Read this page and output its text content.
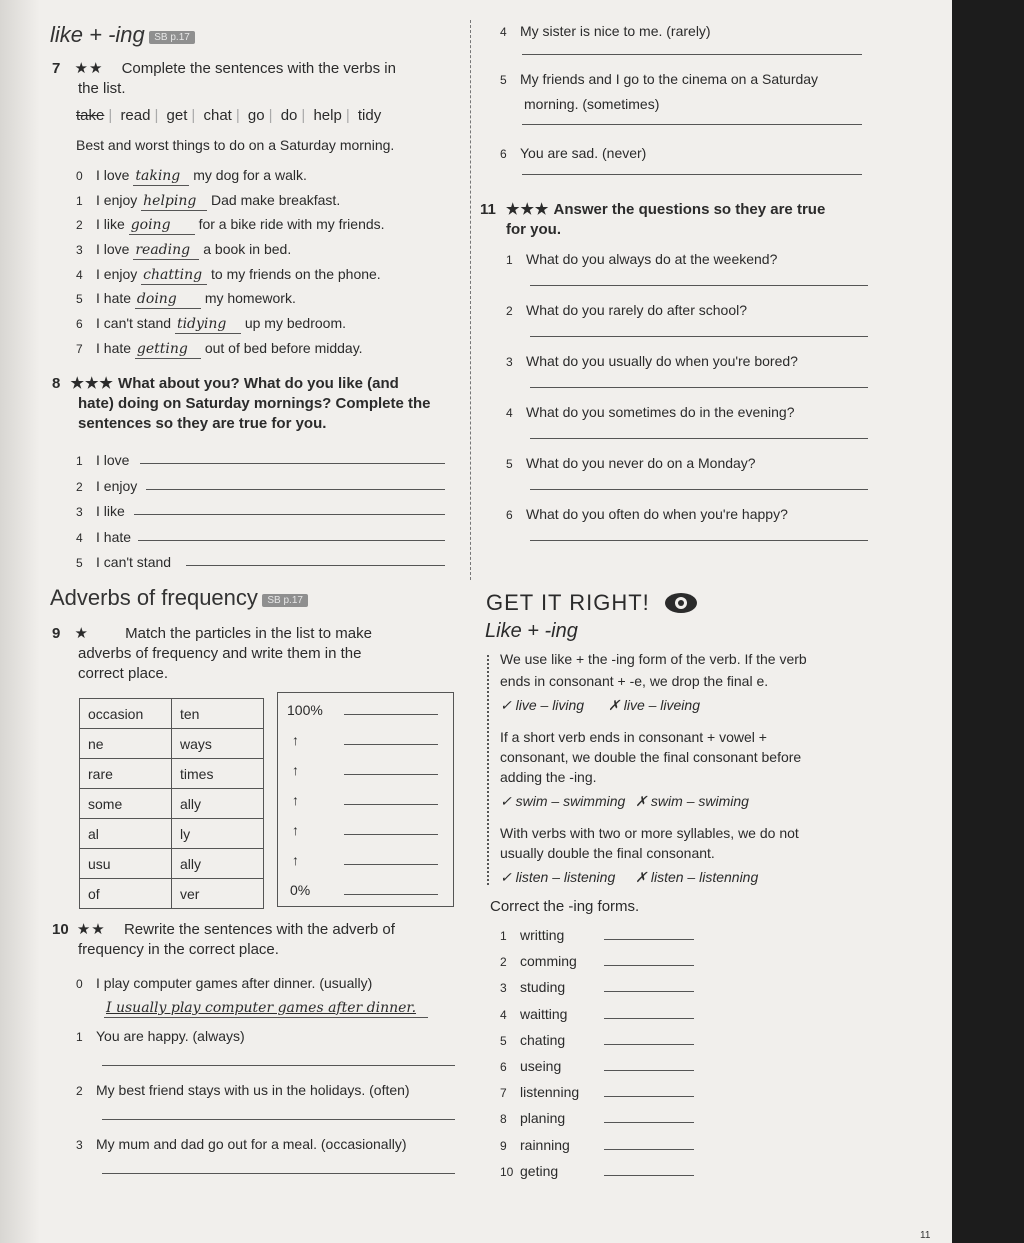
like + -ing SB p.17
7 ★★ Complete the sentences with the verbs in
the list.
take | read | get | chat | go | do | help | tidy
Best and worst things to do on a Saturday morning.
0 I love taking my dog for a walk.
1 I enjoy helping Dad make breakfast.
2 I like going for a bike ride with my friends.
3 I love reading a book in bed.
4 I enjoy chatting to my friends on the phone.
5 I hate doing my homework.
6 I can't stand tidying up my bedroom.
7 I hate getting out of bed before midday.
8 ★★★ What about you? What do you like (and
hate) doing on Saturday mornings? Complete the
sentences so they are true for you.
1 I love
2 I enjoy
3 I like
4 I hate
5 I can't stand
Adverbs of frequency SB p.17
9 ★ Match the particles in the list to make
adverbs of frequency and write them in the
correct place.
occasion	ten
ne	ways
rare	times
some	ally
al	ly
usu	ally
of	ver
100%
↑
↑
↑
↑
↑
0%
10 ★★ Rewrite the sentences with the adverb of
frequency in the correct place.
0 I play computer games after dinner. (usually)
I usually play computer games after dinner.
1 You are happy. (always)
2 My best friend stays with us in the holidays. (often)
3 My mum and dad go out for a meal. (occasionally)
4 My sister is nice to me. (rarely)
5 My friends and I go to the cinema on a Saturday
morning. (sometimes)
6 You are sad. (never)
11 ★★★ Answer the questions so they are true
for you.
1 What do you always do at the weekend?
2 What do you rarely do after school?
3 What do you usually do when you're bored?
4 What do you sometimes do in the evening?
5 What do you never do on a Monday?
6 What do you often do when you're happy?
GET IT RIGHT!
Like + -ing
We use like + the -ing form of the verb. If the verb
ends in consonant + -e, we drop the final e.
✓ live – living ✗ live – liveing
If a short verb ends in consonant + vowel +
consonant, we double the final consonant before
adding the -ing.
✓ swim – swimming ✗ swim – swiming
With verbs with two or more syllables, we do not
usually double the final consonant.
✓ listen – listening ✗ listen – listenning
Correct the -ing forms.
1 writting
2 comming
3 studing
4 waitting
5 chating
6 useing
7 listenning
8 planing
9 rainning
10 geting
11
